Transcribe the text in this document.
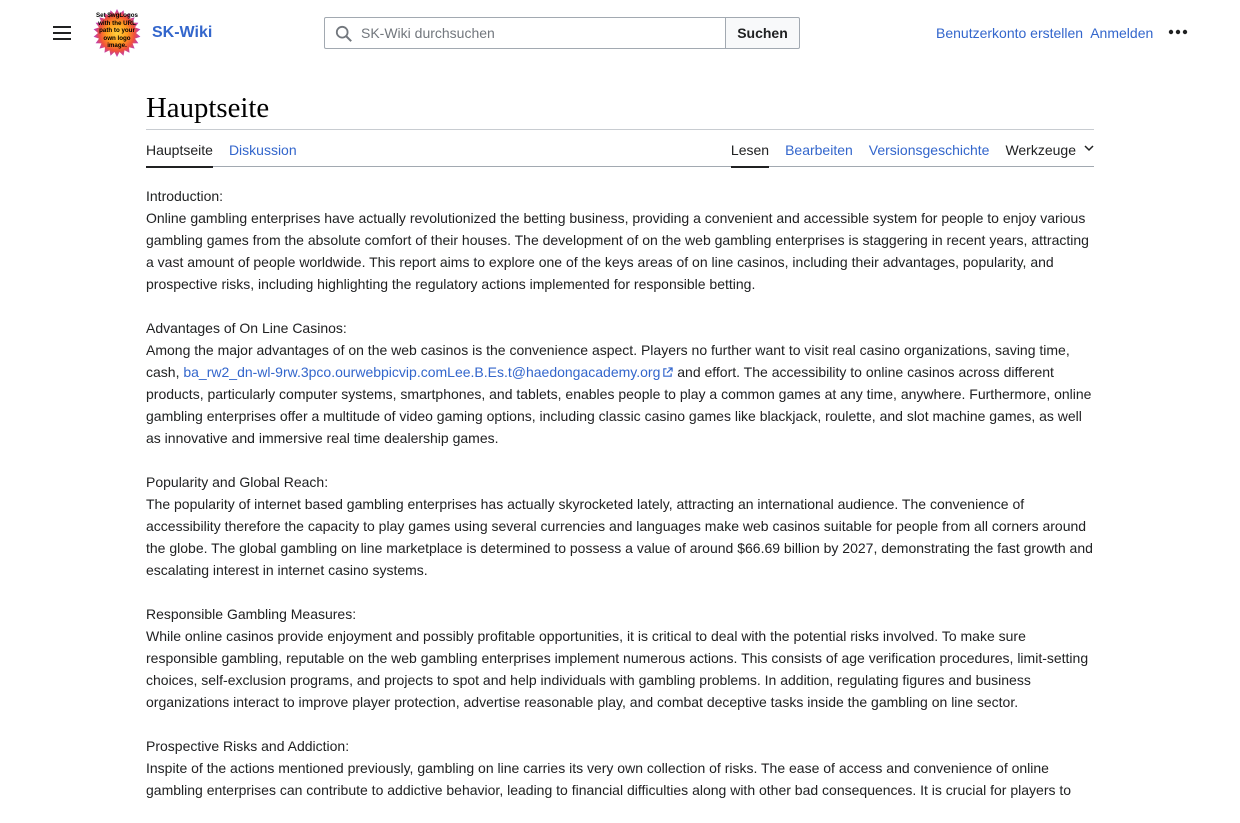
Set $wgLogos with the URL path to your own logo image.
SK-Wiki
SK-Wiki durchsuchen	Suchen	Benutzerkonto erstellen Anmelden
Hauptseite
Hauptseite Diskussion	Lesen Bearbeiten Versionsgeschichte Werkzeuge

Introduction:
Online gambling enterprises have actually revolutionized the betting business, providing a convenient and accessible system for people to enjoy various gambling games from the absolute comfort of their houses. The development of on the web gambling enterprises is staggering in recent years, attracting a vast amount of people worldwide. This report aims to explore one of the keys areas of on line casinos, including their advantages, popularity, and prospective risks, including highlighting the regulatory actions implemented for responsible betting.

Advantages of On Line Casinos:
Among the major advantages of on the web casinos is the convenience aspect. Players no further want to visit real casino organizations, saving time, cash, ba_rw2_dn-wl-9rw.3pco.ourwebpicvip.comLee.B.Es.t@haedongacademy.org and effort. The accessibility to online casinos across different products, particularly computer systems, smartphones, and tablets, enables people to play a common games at any time, anywhere. Furthermore, online gambling enterprises offer a multitude of video gaming options, including classic casino games like blackjack, roulette, and slot machine games, as well as innovative and immersive real time dealership games.

Popularity and Global Reach:
The popularity of internet based gambling enterprises has actually skyrocketed lately, attracting an international audience. The convenience of accessibility therefore the capacity to play games using several currencies and languages make web casinos suitable for people from all corners around the globe. The global gambling on line marketplace is determined to possess a value of around $66.69 billion by 2027, demonstrating the fast growth and escalating interest in internet casino systems.

Responsible Gambling Measures:
While online casinos provide enjoyment and possibly profitable opportunities, it is critical to deal with the potential risks involved. To make sure responsible gambling, reputable on the web gambling enterprises implement numerous actions. This consists of age verification procedures, limit-setting choices, self-exclusion programs, and projects to spot and help individuals with gambling problems. In addition, regulating figures and business organizations interact to improve player protection, advertise reasonable play, and combat deceptive tasks inside the gambling on line sector.

Prospective Risks and Addiction:
Inspite of the actions mentioned previously, gambling on line carries its very own collection of risks. The ease of access and convenience of online gambling enterprises can contribute to addictive behavior, leading to financial difficulties along with other bad consequences. It is crucial for players to
